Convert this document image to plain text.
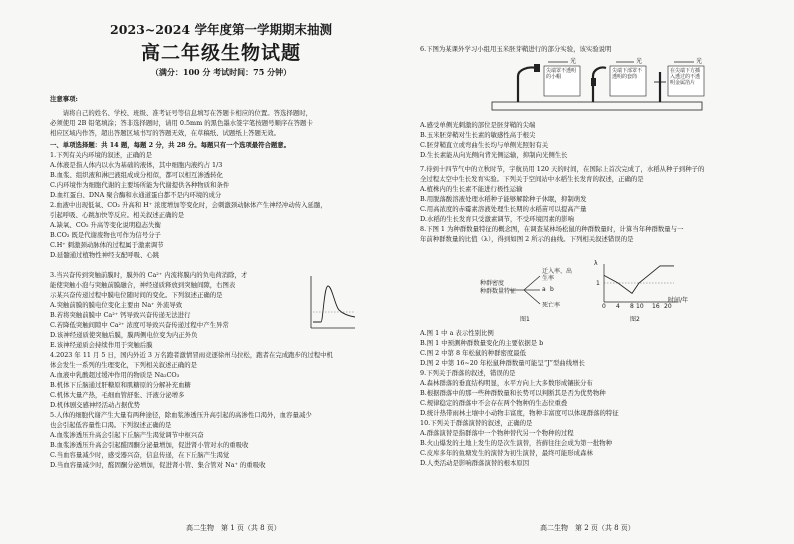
2023~2024 学年度第一学期期末抽测
高二年级生物试题
（满分：100 分 考试时间：75 分钟）
注意事项:
　　请将自己的姓名、学校、班级、准考证号等信息填写在答题卡相应的位置。答选择题时，
必须使用 2B 铅笔填涂；答非选择题时，请用 0.5mm 的黑色墨水签字笔按题号顺序在答题卡
相应区域内作答，超出答题区域书写的答题无效，在草稿纸、试题纸上答题无效。
一、单项选择题：共 14 题，每题 2 分，共 28 分。每题只有一个选项最符合题意。
1.下列有关内环境的叙述，正确的是
A.体液是指人体内以水为基础的液体，其中细胞内液约占 1/3
B.血浆、组织液和淋巴液组成成分相似，都可以相互渗透转化
C.内环境作为细胞代谢的主要场所能为代谢提供各种物质和条件
D.血红蛋白、DNA 聚合酶和水通道蛋白都不是内环境的成分
2.血液中出现低氧、CO₂ 升高和 H⁺ 浓度增加等变化时，会刺激颈动脉体产生神经冲动传入延髓，
引起呼吸、心跳加快等反应。相关叙述正确的是
A.缺氧、CO₂ 升高等变化说明稳态失衡
B.CO₂ 既是代谢废物也可作为信号分子
C.H⁺ 刺激颈动脉体的过程属于激素调节
D.延髓通过植物性神经支配呼吸、心跳
3.当兴奋传到突触前膜时，膜外的 Ca²⁺ 内流将膜内的负电荷消除，才
能使突触小泡与突触前膜融合，神经递质释放到突触间隙，右图表
示某兴奋传递过程中膜电位随时间的变化。下列叙述正确的是
A.突触前膜的膜电位变化主要由 Na⁺ 外流导致
B.若将突触前膜中 Ca²⁺ 钙导致兴奋传递无法进行
C.若降低突触间隙中 Ca²⁺ 浓度可导致兴奋传递过程中产生异常
D.该神经递质使突触后膜，膜两侧电位变为内正外负
E.该神经递质会持续作用于突触后膜
4.2023 年 11 月 5 日，国内外近 3 万名跑者激情冒雨竞逐徐州马拉松，跑者在完成跑步的过程中机
体会发生一系列的生理变化，下列相关叙述正确的是
A.血液中乳酸超过缓冲作用的物质是 Na₂CO₃
B.机体下丘脑通过肝糖原和肌糖原的分解补充血糖
C.机体大量产热，毛细血管舒张、汗液分泌增多
D.机体剧交感神经活动占据优势
5.人体的细胞代谢产生大量有两种途径，除血浆渗透压升高引起的高渗性口渴外，血容量减少
也会引起低容量性口渴。下列叙述正确的是
A.血浆渗透压升高会引起下丘脑产生渴觉调节中枢兴奋
B.血浆渗透压升高会引起醛固酮分泌量增加，促进肾小管对水的重吸收
C.当血容量减少时，感受器兴奋，信息传递，在下丘脑产生渴觉
D.当血容量减少时，醛固酮分泌增加，促进肾小管、集合管对 Na⁺ 的重吸收
高二生物　第 1 页（共 8 页）
6.下图为某课外学习小组用玉米胚芽鞘进行的部分实验，该实验说明
A.感受单侧光刺激的部位是胚芽鞘的尖端
B.玉米胚芽鞘对生长素的敏感性高于根尖
C.胚芽鞘直立或弯曲生长均与单侧光照射有关
D.生长素能从向光侧向背光侧运输，抑制向光侧生长
7.待到十四节气中的立秋时节，宇航员用 120 天的时间，在国际上首次完成了，水稻从种子到种子的
全过程太空中生长发育实验。下列关于空间站中水稻生长发育的叙述，正确的是
A.植株内的生长素不能进行极性运输
B.用脱落酸溶液处理水稻种子能够解除种子休眠，抑制萌发
C.用高浓度的赤霉素溶液处理生长期的水稻苗可以提高产量
D.水稻的生长发育只受激素调节，不受环境因素的影响
8.下图 1 为种群数量特征的概念图，在调查某林场松鼠的种群数量时，计算当年种群数量与一
年前种群数量的比值（λ），得到如图 2 所示的曲线。下列相关叙述错误的是
A.图 1 中 a 表示性别比例
B.图 1 中预测种群数量变化的主要依据是 b
C.图 2 中第 8 年松鼠的种群密度最低
D.图 2 中第 16~20 年松鼠种群数量可能呈“J”型曲线增长
9.下列关于群落的叙述，错误的是
A.森林群落的垂直结构明显，水平方向上大多数形成镶嵌分布
B.根据群落中的那一些种群数量和长势可以判断其是否为优势物种
C.规律稳定的群落中不会存在两个物种的生态位重叠
D.统计热带雨林土壤中小动物丰富度，物种丰富度可以体现群落的特征
10.下列关于群落演替的叙述，正确的是
A.群落演替是指群落中一个物种替代另一个物种的过程
B.火山爆发的土地上发生的是次生演替，苔藓往往会成为第一批物种
C.皮库多年的鱼塘发生的演替为初生演替，最终可能形成森林
D.人类活动是影响群落演替的根本原因
光	光	光
尖端罩不透明的小帽
尖端下部罩不透明的套筒
在尖端下方插入透过的不透明金属箔片
种群密度
种群数量特征
迁入率、出生率
a b
死亡率
图1
λ
1
0 4 8 10 16 20
时间/年
图2
高二生物　第 2 页（共 8 页）
